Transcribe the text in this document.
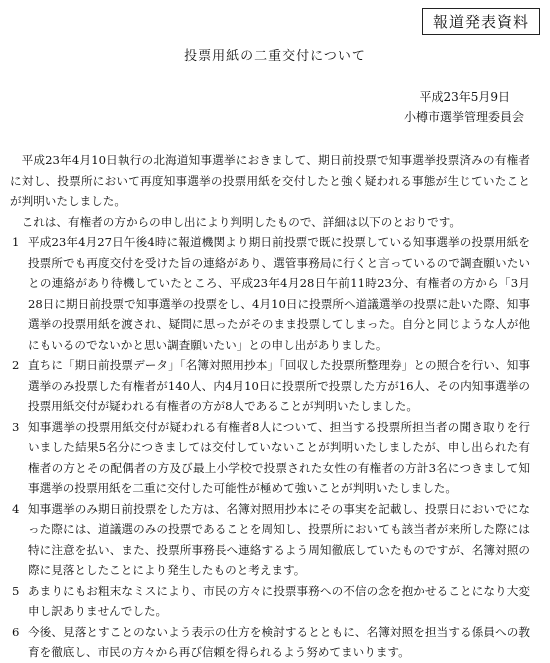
報道発表資料
投票用紙の二重交付について
平成23年5月9日
小樽市選挙管理委員会

平成23年4月10日執行の北海道知事選挙におきまして、期日前投票で知事選挙投票済みの有権者に対し、投票所において再度知事選挙の投票用紙を交付したと強く疑われる事態が生じていたことが判明いたしました。

これは、有権者の方からの申し出により判明したもので、詳細は以下のとおりです。

1 平成23年4月27日午後4時に報道機関より期日前投票で既に投票している知事選挙の投票用紙を投票所でも再度交付を受けた旨の連絡があり、選管事務局に行くと言っているので調査願いたいとの連絡があり待機していたところ、平成23年4月28日午前11時23分、有権者の方から「3月28日に期日前投票で知事選挙の投票をし、4月10日に投票所へ道議選挙の投票に赴いた際、知事選挙の投票用紙を渡され、疑問に思ったがそのまま投票してしまった。自分と同じような人が他にもいるのでないかと思い調査願いたい」との申し出がありました。
2 直ちに「期日前投票データ」「名簿対照用抄本」「回収した投票所整理券」との照合を行い、知事選挙のみ投票した有権者が140人、内4月10日に投票所で投票した方が16人、その内知事選挙の投票用紙交付が疑われる有権者の方が8人であることが判明いたしました。
3 知事選挙の投票用紙交付が疑われる有権者8人について、担当する投票所担当者の聞き取りを行いました結果5名分につきましては交付していないことが判明いたしましたが、申し出られた有権者の方とその配偶者の方及び最上小学校で投票された女性の有権者の方計3名につきまして知事選挙の投票用紙を二重に交付した可能性が極めて強いことが判明いたしました。
4 知事選挙のみ期日前投票をした方は、名簿対照用抄本にその事実を記載し、投票日においでになった際には、道議選のみの投票であることを周知し、投票所においても該当者が来所した際には特に注意を払い、また、投票所事務長へ連絡するよう周知徹底していたものですが、名簿対照の際に見落としたことにより発生したものと考えます。
5 あまりにもお粗末なミスにより、市民の方々に投票事務への不信の念を抱かせることになり大変申し訳ありませんでした。
6 今後、見落とすことのないよう表示の仕方を検討するとともに、名簿対照を担当する係員への教育を徹底し、市民の方々から再び信頼を得られるよう努めてまいります。
